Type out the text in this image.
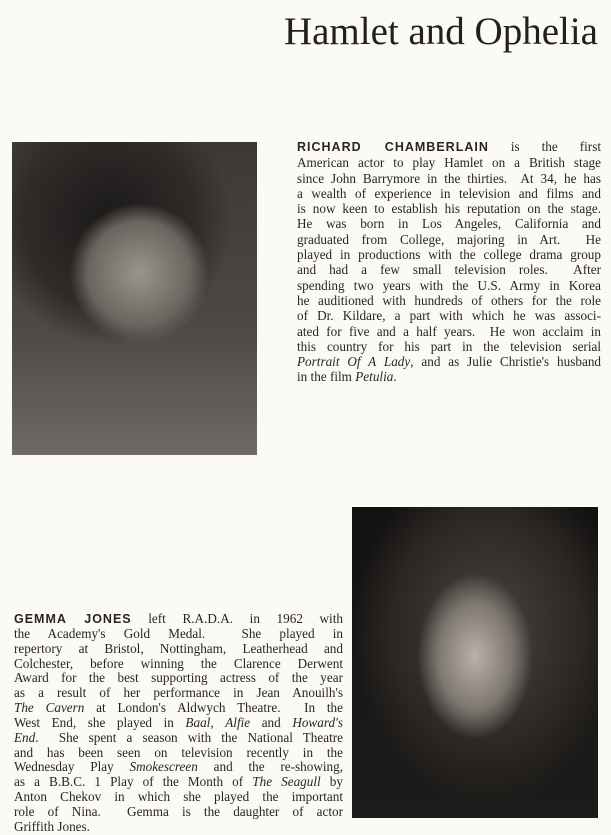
Hamlet and Ophelia
RICHARD CHAMBERLAIN is the first
American actor to play Hamlet on a British stage
since John Barrymore in the thirties.  At 34, he has
a wealth of experience in television and films and
is now keen to establish his reputation on the stage.
He was born in Los Angeles, California and
graduated from College, majoring in Art.  He
played in productions with the college drama group
and had a few small television roles.  After
spending two years with the U.S. Army in Korea
he auditioned with hundreds of others for the role
of Dr. Kildare, a part with which he was associ-
ated for five and a half years.  He won acclaim in
this country for his part in the television serial
Portrait Of A Lady, and as Julie Christie's husband
in the film Petulia.
GEMMA JONES left R.A.D.A. in 1962 with
the Academy's Gold Medal.  She played in
repertory at Bristol, Nottingham, Leatherhead and
Colchester, before winning the Clarence Derwent
Award for the best supporting actress of the year
as a result of her performance in Jean Anouilh's
The Cavern at London's Aldwych Theatre.  In the
West End, she played in Baal, Alfie and Howard's
End.  She spent a season with the National Theatre
and has been seen on television recently in the
Wednesday Play Smokescreen and the re-showing,
as a B.B.C. 1 Play of the Month of The Seagull by
Anton Chekov in which she played the important
role of Nina.  Gemma is the daughter of actor
Griffith Jones.
